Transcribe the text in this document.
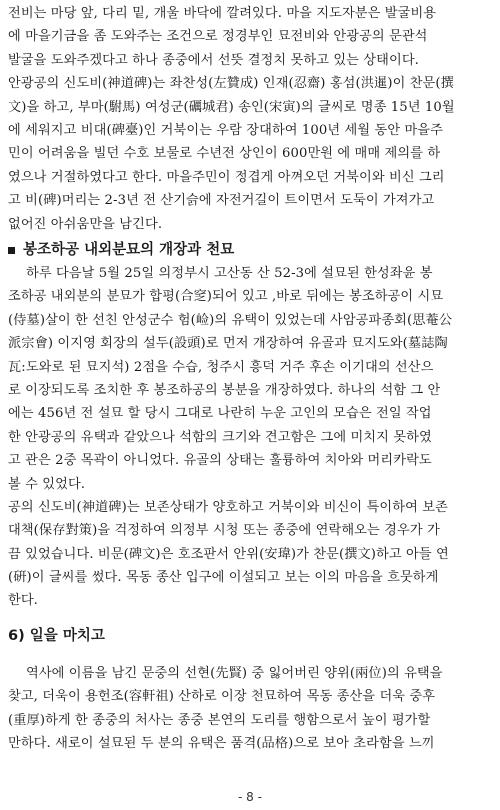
전비는 마당 앞, 다리 밑, 개울 바닥에 깔려있다. 마을 지도자분은 발굴비용
에 마을기금을 좀 도와주는 조건으로 정경부인 묘전비와 안광공의 문관석
발굴을 도와주겠다고 하나 종중에서 선뜻 결정치 못하고 있는 상태이다.
안광공의 신도비(神道碑)는 좌찬성(左贊成) 인재(忍齋) 홍섬(洪暹)이 찬문(撰
文)을 하고, 부마(駙馬) 여성군(礪城君) 송인(宋寅)의 글씨로 명종 15년 10월
에 세워지고 비대(碑臺)인 거북이는 우람 장대하여 100년 세월 동안 마을주
민이 어려움을 빌던 수호 보물로 수년전 상인이 600만원 에 매매 제의를 하
였으나 거절하였다고 한다. 마을주민이 정겹게 아껴오던 거북이와 비신 그리
고 비(碑)머리는 2-3년 전 산기슭에 자전거길이 트이면서 도둑이 가져가고
없어진 아쉬움만을 남긴다.
봉조하공 내외분묘의 개장과 천묘
하루 다음날 5월 25일 의정부시 고산동 산 52-3에 설묘된 한성좌윤 봉
조하공 내외분의 분묘가 합평(合窆)되어 있고 ,바로 뒤에는 봉조하공이 시묘
(侍墓)살이 한 선친 안성군수 험(崄)의 유택이 있었는데 사암공파종회(思菴公
派宗會) 이지영 회장의 설두(設頭)로 먼저 개장하여 유골과 묘지도와(墓誌陶
瓦:도와로 된 묘지석) 2점을 수습, 청주시 흥덕 거주 후손 이기대의 선산으
로 이장되도록 조치한 후 봉조하공의 봉분을 개장하였다. 하나의 석함 그 안
에는 456년 전 설묘 할 당시 그대로 나란히 누운 고인의 모습은 전일 작업
한 안광공의 유택과 같았으나 석함의 크기와 견고함은 그에 미치지 못하였
고 관은 2중 목곽이 아니었다. 유골의 상태는 훌륭하여 치아와 머리카락도
볼 수 있었다.
공의 신도비(神道碑)는 보존상태가 양호하고 거북이와 비신이 특이하여 보존
대책(保存對策)을 걱정하여 의정부 시청 또는 종중에 연락해오는 경우가 가
끔 있었습니다. 비문(碑文)은 호조판서 안위(安瑋)가 찬문(撰文)하고 아들 연
(硏)이 글씨를 썼다. 목동 종산 입구에 이설되고 보는 이의 마음을 흐뭇하게
한다.
6) 일을 마치고
역사에 이름을 남긴 문중의 선현(先賢) 중 잃어버린 양위(兩位)의 유택을
찾고, 더욱이 용헌조(容軒祖) 산하로 이장 천묘하여 목동 종산을 더욱 중후
(重厚)하게 한 종중의 처사는 종중 본연의 도리를 행함으로서 높이 평가할
만하다. 새로이 설묘된 두 분의 유택은 품격(品格)으로 보아 초라함을 느끼
- 8 -
